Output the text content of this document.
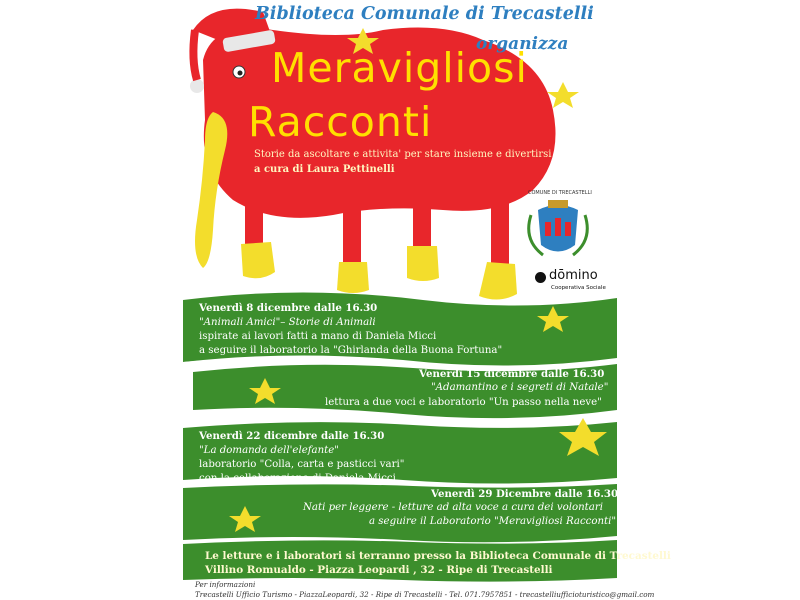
Biblioteca Comunale di Trecastelli
organizza
Meravigliosi
Racconti
Storie da ascoltare e attivita' per stare insieme e divertirsi
a cura di Laura Pettinelli
COMUNE DI TRECASTELLI
dōmino
Cooperativa Sociale
Venerdì 8 dicembre dalle 16.30
"Animali Amici"– Storie di Animali
ispirate ai lavori fatti a mano di Daniela Micci
a seguire il laboratorio la "Ghirlanda della Buona Fortuna"
Venerdì 15 dicembre dalle 16.30
"Adamantino e i segreti di Natale"
lettura a due voci e laboratorio "Un passo nella neve"
Venerdì 22 dicembre dalle 16.30
"La domanda dell'elefante"
laboratorio "Colla, carta e pasticci vari"
con la collaborazione di Daniela Micci
Venerdì 29 Dicembre dalle 16.30
Nati per leggere - letture ad alta voce a cura dei volontari
a seguire il Laboratorio "Meravigliosi Racconti"
Le letture e i laboratori si terranno presso la Biblioteca Comunale di Trecastelli
Villino Romualdo - Piazza Leopardi , 32 - Ripe di Trecastelli
Per informazioni
Trecastelli Ufficio Turismo - PiazzaLeopardi, 32 - Ripe di Trecastelli - Tel. 071.7957851 - trecastelliufficioturistico@gmail.com
